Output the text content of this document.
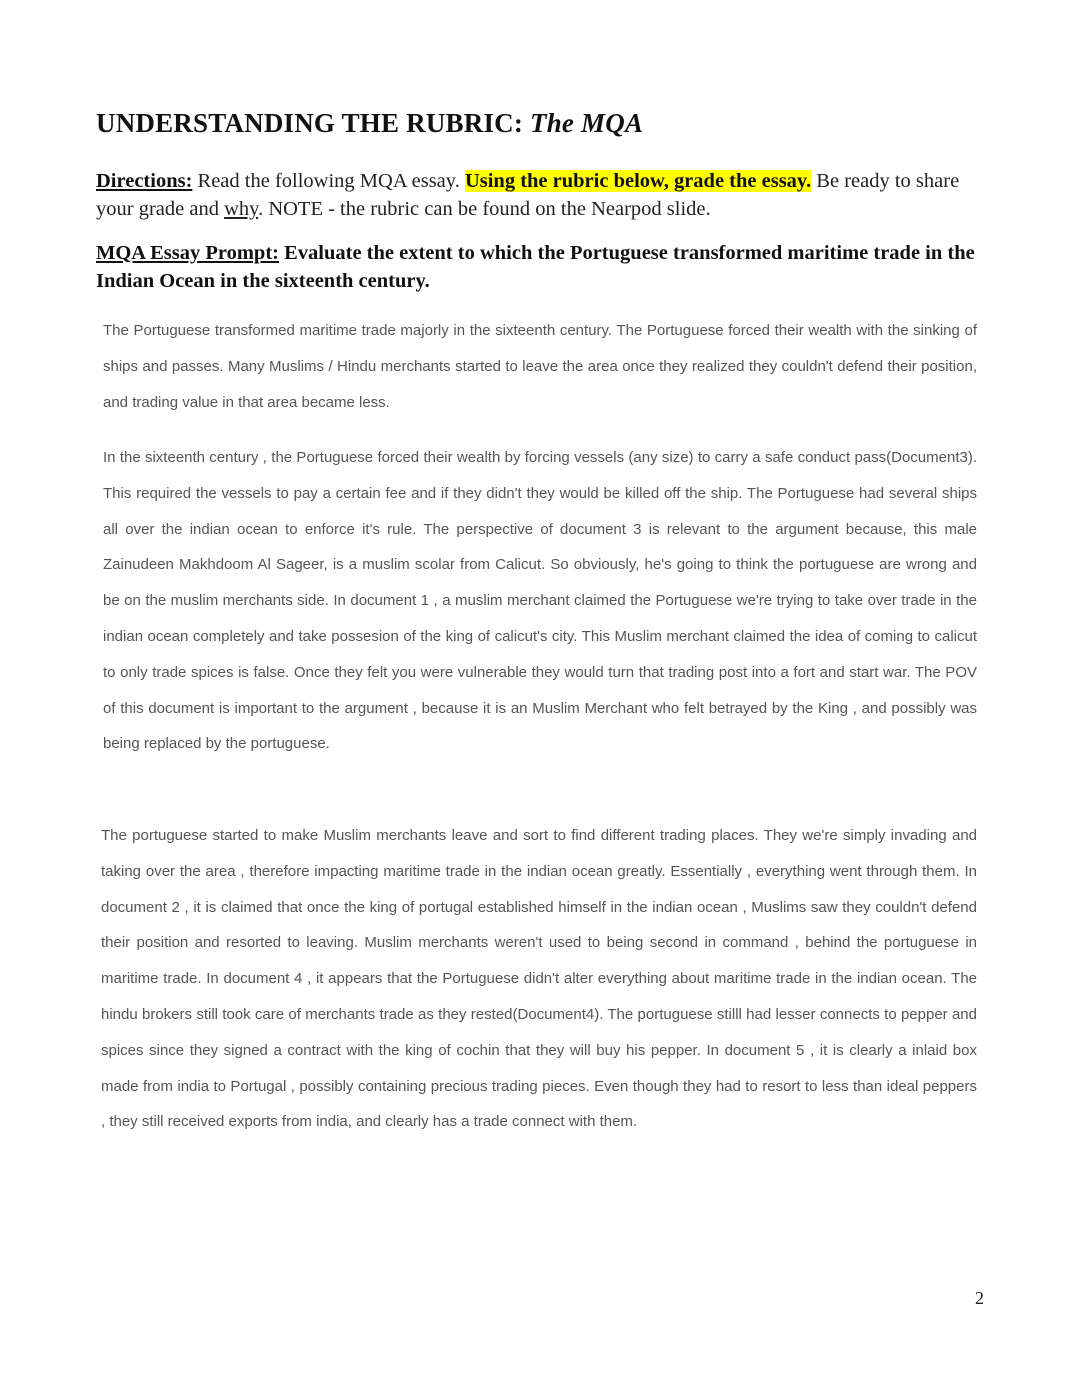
UNDERSTANDING THE RUBRIC: The MQA
Directions: Read the following MQA essay. Using the rubric below, grade the essay. Be ready to share your grade and why. NOTE - the rubric can be found on the Nearpod slide.
MQA Essay Prompt: Evaluate the extent to which the Portuguese transformed maritime trade in the Indian Ocean in the sixteenth century.
The Portuguese transformed maritime trade majorly in the sixteenth century. The Portuguese forced their wealth with the sinking of ships and passes. Many Muslims / Hindu merchants started to leave the area once they realized they couldn't defend their position, and trading value in that area became less.
In the sixteenth century , the Portuguese forced their wealth by forcing vessels (any size) to carry a safe conduct pass(Document3). This required the vessels to pay a certain fee and if they didn't they would be killed off the ship. The Portuguese had several ships all over the indian ocean to enforce it's rule. The perspective of document 3 is relevant to the argument because, this male Zainudeen Makhdoom Al Sageer, is a muslim scolar from Calicut. So obviously, he's going to think the portuguese are wrong and be on the muslim merchants side. In document 1 , a muslim merchant claimed the Portuguese we're trying to take over trade in the indian ocean completely and take possesion of the king of calicut's city. This Muslim merchant claimed the idea of coming to calicut to only trade spices is false. Once they felt you were vulnerable they would turn that trading post into a fort and start war. The POV of this document is important to the argument , because it is an Muslim Merchant who felt betrayed by the King , and possibly was being replaced by the portuguese.
The portuguese started to make Muslim merchants leave and sort to find different trading places. They we're simply invading and taking over the area , therefore impacting maritime trade in the indian ocean greatly. Essentially , everything went through them. In document 2 , it is claimed that once the king of portugal established himself in the indian ocean , Muslims saw they couldn't defend their position and resorted to leaving. Muslim merchants weren't used to being second in command , behind the portuguese in maritime trade. In document 4 , it appears that the Portuguese didn't alter everything about maritime trade in the indian ocean. The hindu brokers still took care of merchants trade as they rested(Document4). The portuguese stilll had lesser connects to pepper and spices since they signed a contract with the king of cochin that they will buy his pepper. In document 5 , it is clearly a inlaid box made from india to Portugal , possibly containing precious trading pieces. Even though they had to resort to less than ideal peppers , they still received exports from india, and clearly has a trade connect with them.
2
